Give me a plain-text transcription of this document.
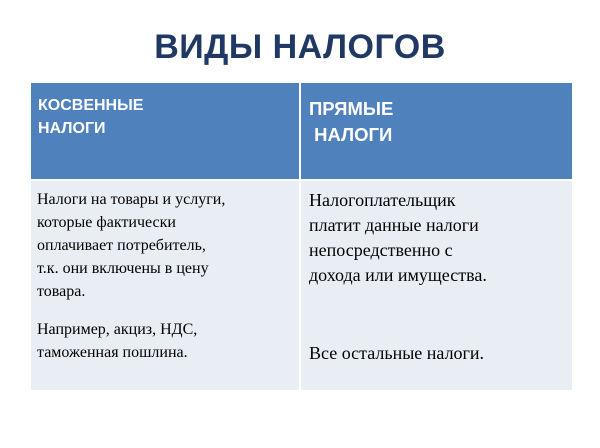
ВИДЫ НАЛОГОВ
КОСВЕННЫЕ
НАЛОГИ
ПРЯМЫЕ
НАЛОГИ
Налоги на товары и услуги,
которые фактически
оплачивает потребитель,
т.к. они включены в цену
товара.
Например, акциз, НДС,
таможенная пошлина.
Налогоплательщик
платит данные налоги
непосредственно с
дохода или имущества.
Все остальные налоги.
